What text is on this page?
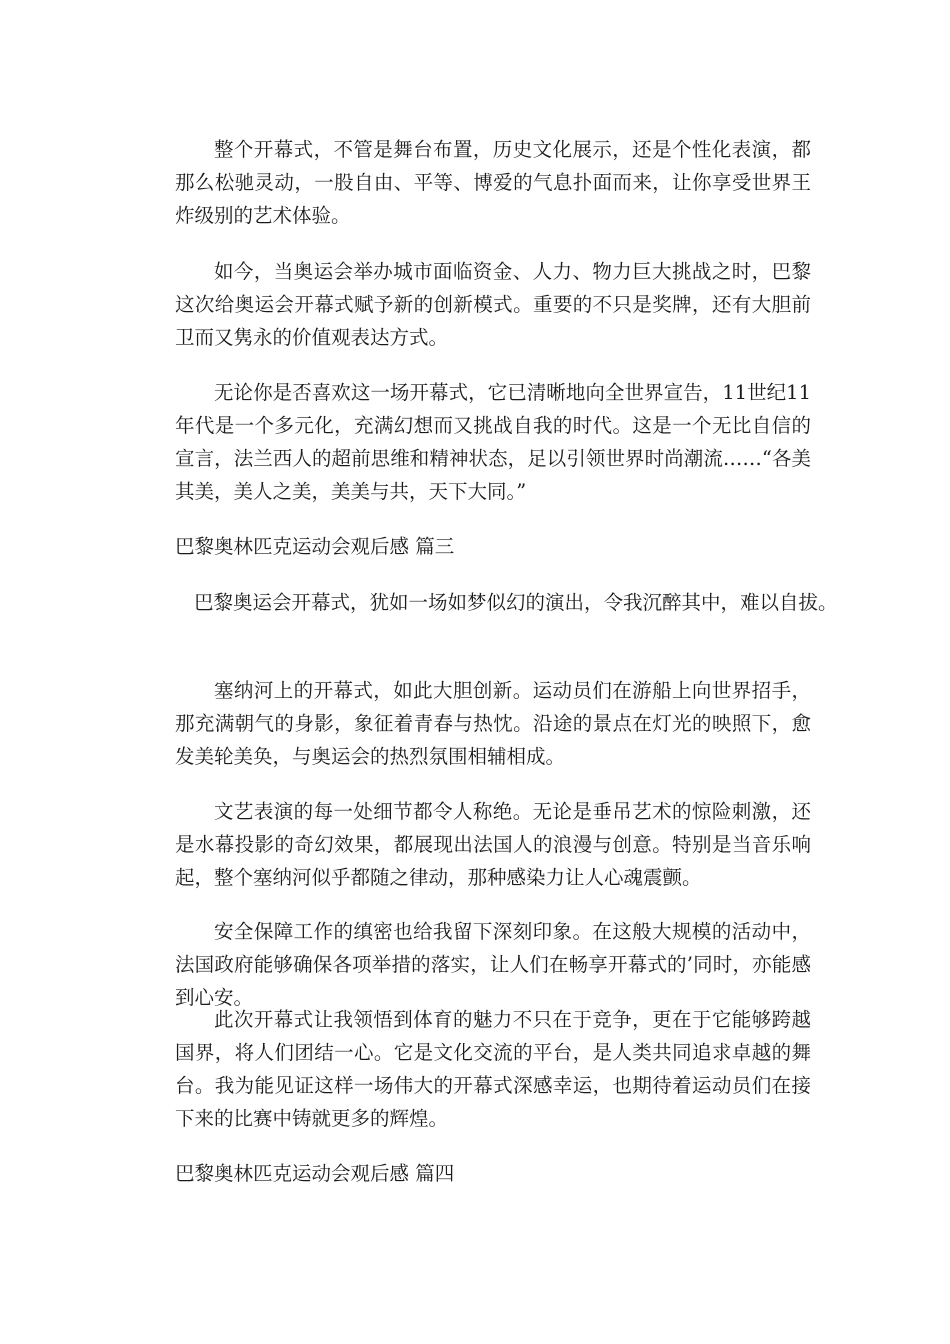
整个开幕式，不管是舞台布置，历史文化展示，还是个性化表演，都那么松驰灵动，一股自由、平等、博爱的气息扑面而来，让你享受世界王炸级别的艺术体验。

如今，当奥运会举办城市面临资金、人力、物力巨大挑战之时，巴黎这次给奥运会开幕式赋予新的创新模式。重要的不只是奖牌，还有大胆前卫而又隽永的价值观表达方式。

无论你是否喜欢这一场开幕式，它已清晰地向全世界宣告，11世纪11年代是一个多元化，充满幻想而又挑战自我的时代。这是一个无比自信的宣言，法兰西人的超前思维和精神状态，足以引领世界时尚潮流……“各美其美，美人之美，美美与共，天下大同。”

巴黎奥林匹克运动会观后感 篇三

巴黎奥运会开幕式，犹如一场如梦似幻的演出，令我沉醉其中，难以自拔。

塞纳河上的开幕式，如此大胆创新。运动员们在游船上向世界招手，那充满朝气的身影，象征着青春与热忱。沿途的景点在灯光的映照下，愈发美轮美奂，与奥运会的热烈氛围相辅相成。

文艺表演的每一处细节都令人称绝。无论是垂吊艺术的惊险刺激，还是水幕投影的奇幻效果，都展现出法国人的浪漫与创意。特别是当音乐响起，整个塞纳河似乎都随之律动，那种感染力让人心魂震颤。

安全保障工作的缜密也给我留下深刻印象。在这般大规模的活动中，法国政府能够确保各项举措的落实，让人们在畅享开幕式的’同时，亦能感到心安。

此次开幕式让我领悟到体育的魅力不只在于竞争，更在于它能够跨越国界，将人们团结一心。它是文化交流的平台，是人类共同追求卓越的舞台。我为能见证这样一场伟大的开幕式深感幸运，也期待着运动员们在接下来的比赛中铸就更多的辉煌。

巴黎奥林匹克运动会观后感 篇四
